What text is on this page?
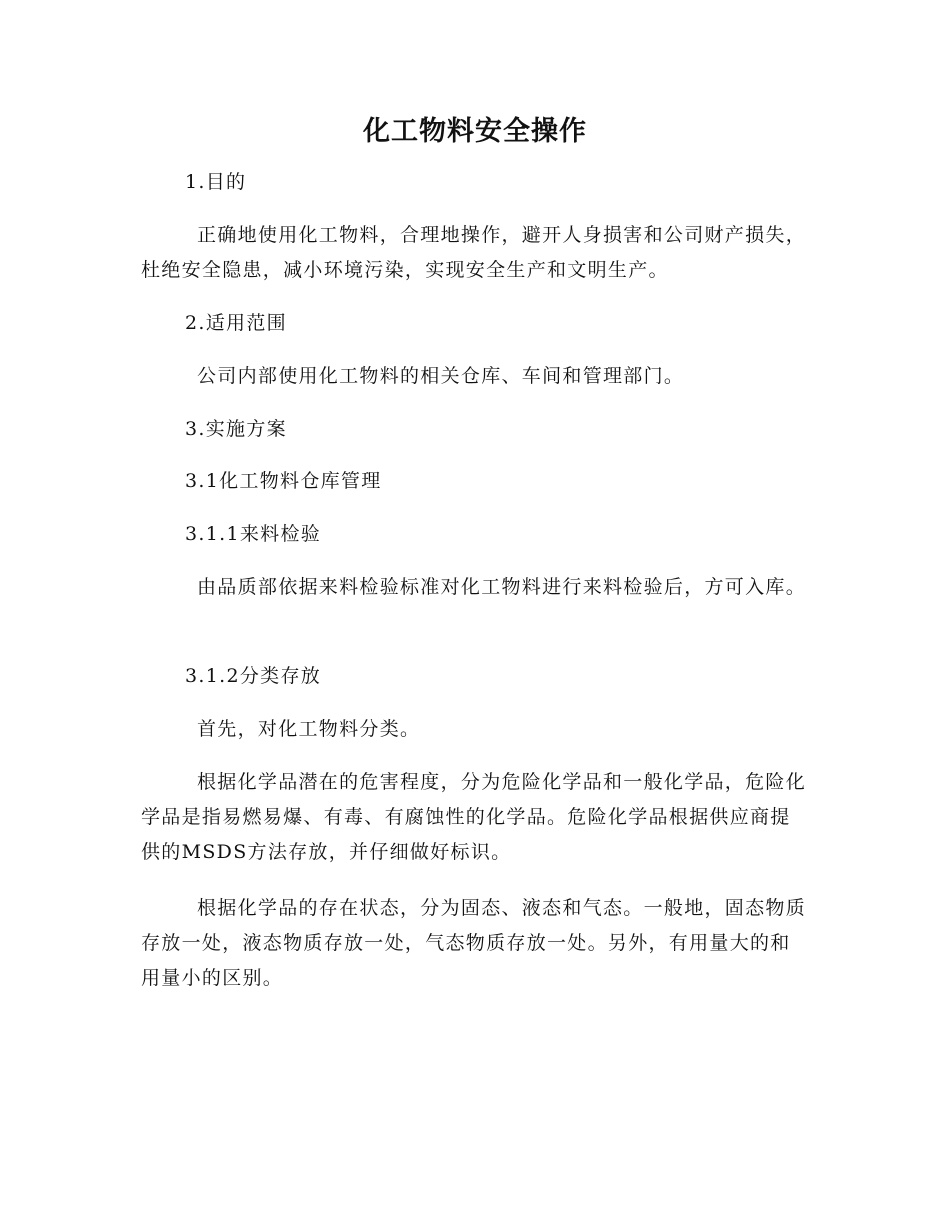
化工物料安全操作
1.目的
正确地使用化工物料，合理地操作，避开人身损害和公司财产损失，杜绝安全隐患，减小环境污染，实现安全生产和文明生产。
2.适用范围
公司内部使用化工物料的相关仓库、车间和管理部门。
3.实施方案
3.1化工物料仓库管理
3.1.1来料检验
由品质部依据来料检验标准对化工物料进行来料检验后，方可入库。
3.1.2分类存放
首先，对化工物料分类。
根据化学品潜在的危害程度，分为危险化学品和一般化学品，危险化学品是指易燃易爆、有毒、有腐蚀性的化学品。危险化学品根据供应商提供的MSDS方法存放，并仔细做好标识。
根据化学品的存在状态，分为固态、液态和气态。一般地，固态物质存放一处，液态物质存放一处，气态物质存放一处。另外，有用量大的和用量小的区别。
